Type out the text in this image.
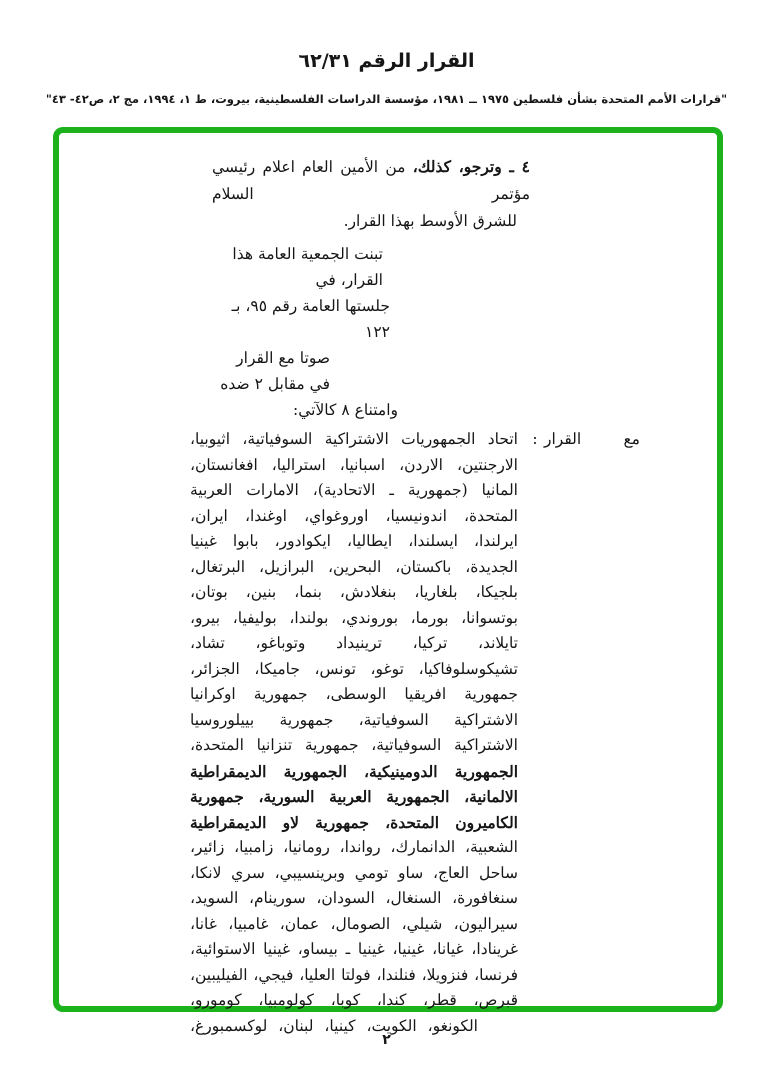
القرار الرقم ٦٢/٣١
"قرارات الأمم المتحدة بشأن فلسطين ١٩٧٥ ــ ١٩٨١، مؤسسة الدراسات الفلسطينية، بيروت، ط ١، ١٩٩٤، مج ٢، ص٤٢- ٤٣"
٤ ـ وترجو، كذلك، من الأمين العام اعلام رئيسي مؤتمر السلام
للشرق الأوسط بهذا القرار.
تبنت الجمعية العامة هذا القرار، في
جلستها العامة رقم ٩٥، بـ ١٢٢
صوتا مع القرار في مقابل ٢ ضده
وامتناع ٨ كالآتي:
مع القرار
:
اتحاد الجمهوريات الاشتراكية السوفياتية، اثيوبيا،
الارجنتين، الاردن، اسبانيا، استراليا، افغانستان،
المانيا (جمهورية ـ الاتحادية)، الامارات العربية
المتحدة، اندونيسيا، اوروغواي، اوغندا، ايران،
ايرلندا، ايسلندا، ايطاليا، ايكوادور، بابوا غينيا
الجديدة، باكستان، البحرين، البرازيل، البرتغال،
بلجيكا، بلغاريا، بنغلادش، بنما، بنين، بوتان،
بوتسوانا، بورما، بوروندي، بولندا، بوليفيا، بيرو،
تايلاند، تركيا، ترينيداد وتوباغو، تشاد،
تشيكوسلوفاكيا، توغو، تونس، جاميكا، الجزائر،
جمهورية افريقيا الوسطى، جمهورية اوكرانيا
الاشتراكية السوفياتية، جمهورية بييلوروسيا
الاشتراكية السوفياتية، جمهورية تنزانيا المتحدة،
الجمهورية الدومينيكية، الجمهورية الديمقراطية
الالمانية، الجمهورية العربية السورية، جمهورية
الكاميرون المتحدة، جمهورية لاو الديمقراطية
الشعبية، الدانمارك، رواندا، رومانيا، زامبيا، زائير،
ساحل العاج، ساو تومي وبرينسيبي، سري لانكا،
سنغافورة، السنغال، السودان، سورينام، السويد،
سيراليون، شيلي، الصومال، عمان، غامبيا، غانا،
غرينادا، غيانا، غينيا، غينيا ـ بيساو، غينيا الاستوائية،
فرنسا، فنزويلا، فنلندا، فولتا العليا، فيجي، الفيليبين،
قبرص، قطر، كندا، كوبا، كولومبيا، كومورو،
الكونغو، الكويت، كينيا، لبنان، لوكسمبورغ،
٢
